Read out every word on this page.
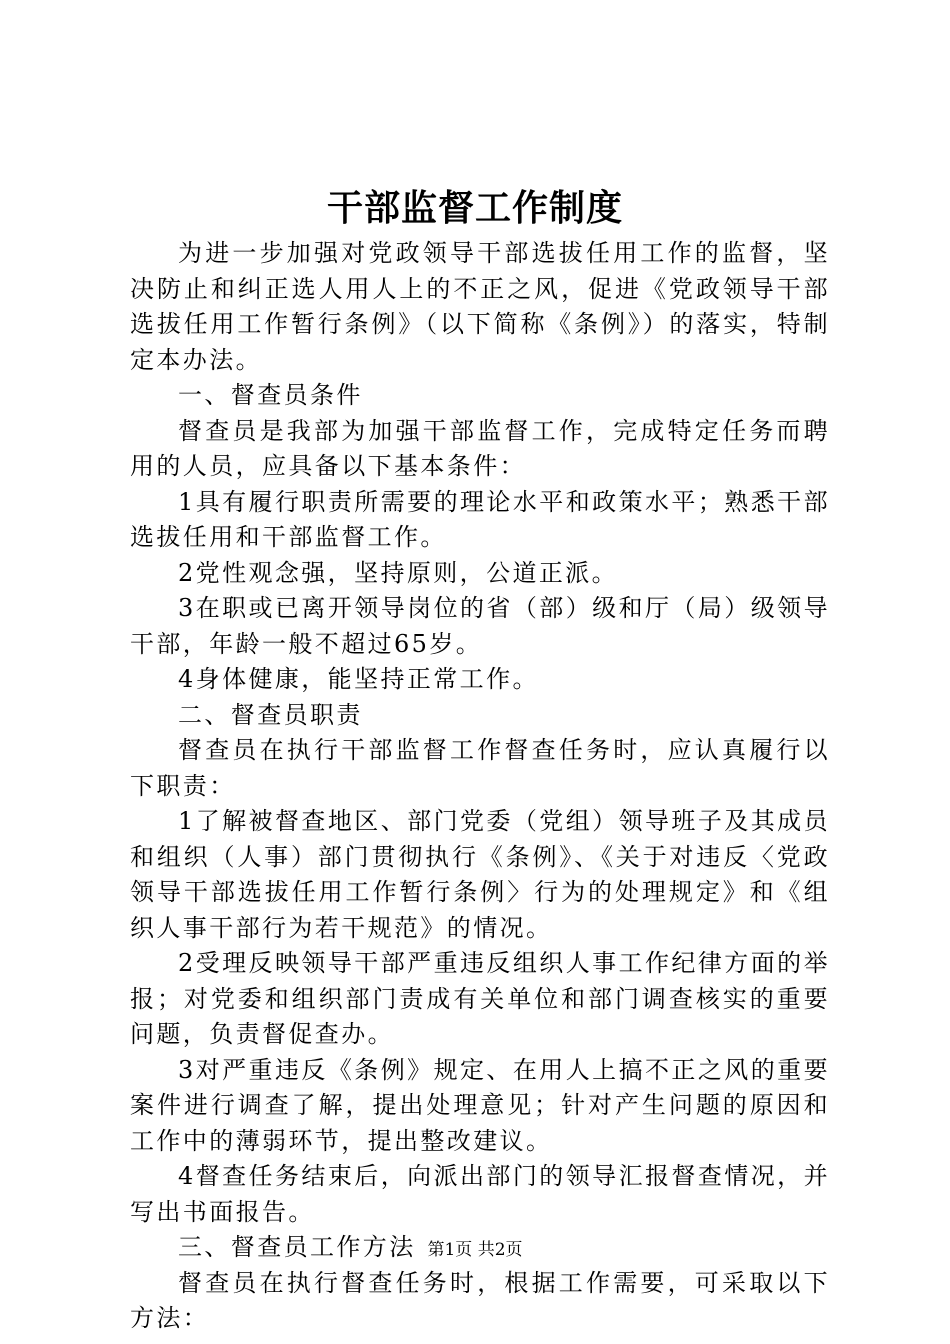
干部监督工作制度

为进一步加强对党政领导干部选拔任用工作的监督，坚决防止和纠正选人用人上的不正之风，促进《党政领导干部选拔任用工作暂行条例》（以下简称《条例》）的落实，特制定本办法。

一、督查员条件

督查员是我部为加强干部监督工作，完成特定任务而聘用的人员，应具备以下基本条件：

1具有履行职责所需要的理论水平和政策水平；熟悉干部选拔任用和干部监督工作。

2党性观念强，坚持原则，公道正派。

3在职或已离开领导岗位的省（部）级和厅（局）级领导干部，年龄一般不超过65岁。

4身体健康，能坚持正常工作。

二、督查员职责

督查员在执行干部监督工作督查任务时，应认真履行以下职责：

1了解被督查地区、部门党委（党组）领导班子及其成员和组织（人事）部门贯彻执行《条例》、《关于对违反〈党政领导干部选拔任用工作暂行条例〉行为的处理规定》和《组织人事干部行为若干规范》的情况。

2受理反映领导干部严重违反组织人事工作纪律方面的举报；对党委和组织部门责成有关单位和部门调查核实的重要问题，负责督促查办。

3对严重违反《条例》规定、在用人上搞不正之风的重要案件进行调查了解，提出处理意见；针对产生问题的原因和工作中的薄弱环节，提出整改建议。

4督查任务结束后，向派出部门的领导汇报督查情况，并写出书面报告。

三、督查员工作方法

督查员在执行督查任务时，根据工作需要，可采取以下方法：

第1页 共2页
